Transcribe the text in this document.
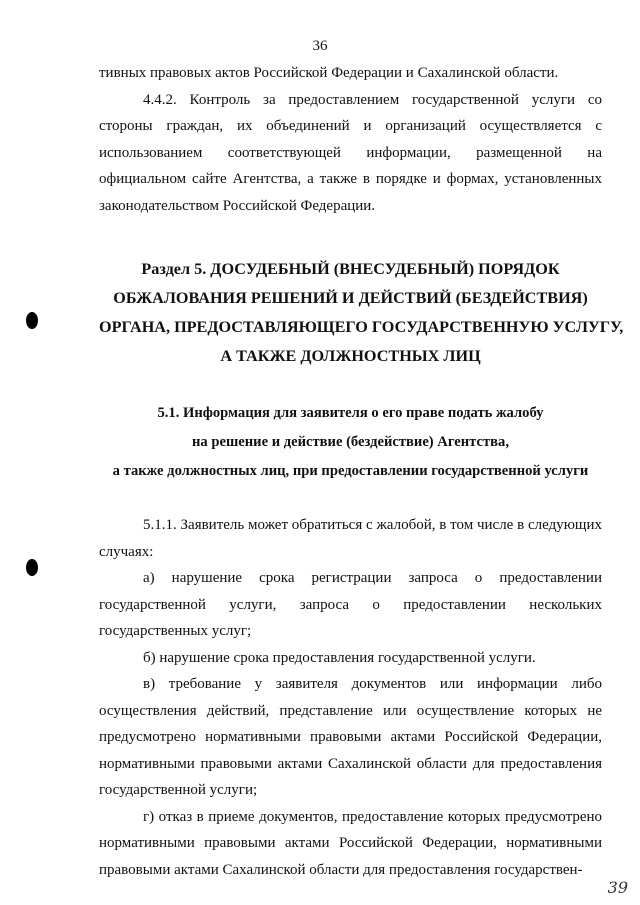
36

тивных правовых актов Российской Федерации и Сахалинской области.

4.4.2. Контроль за предоставлением государственной услуги со стороны граждан, их объединений и организаций осуществляется с использованием соответствующей информации, размещенной на официальном сайте Агентства, а также в порядке и формах, установленных законодательством Российской Федерации.

Раздел 5. ДОСУДЕБНЫЙ (ВНЕСУДЕБНЫЙ) ПОРЯДОК
ОБЖАЛОВАНИЯ РЕШЕНИЙ И ДЕЙСТВИЙ (БЕЗДЕЙСТВИЯ)
ОРГАНА, ПРЕДОСТАВЛЯЮЩЕГО ГОСУДАРСТВЕННУЮ УСЛУГУ,
А ТАКЖЕ ДОЛЖНОСТНЫХ ЛИЦ
5.1. Информация для заявителя о его праве подать жалобу
на решение и действие (бездействие) Агентства,
а также должностных лиц, при предоставлении государственной услуги

5.1.1. Заявитель может обратиться с жалобой, в том числе в следующих случаях:

а) нарушение срока регистрации запроса о предоставлении государственной услуги, запроса о предоставлении нескольких государственных услуг;

б) нарушение срока предоставления государственной услуги.

в) требование у заявителя документов или информации либо осуществления действий, представление или осуществление которых не предусмотрено нормативными правовыми актами Российской Федерации, нормативными правовыми актами Сахалинской области для предоставления государственной услуги;

г) отказ в приеме документов, предоставление которых предусмотрено нормативными правовыми актами Российской Федерации, нормативными правовыми актами Сахалинской области для предоставления государствен-

39
